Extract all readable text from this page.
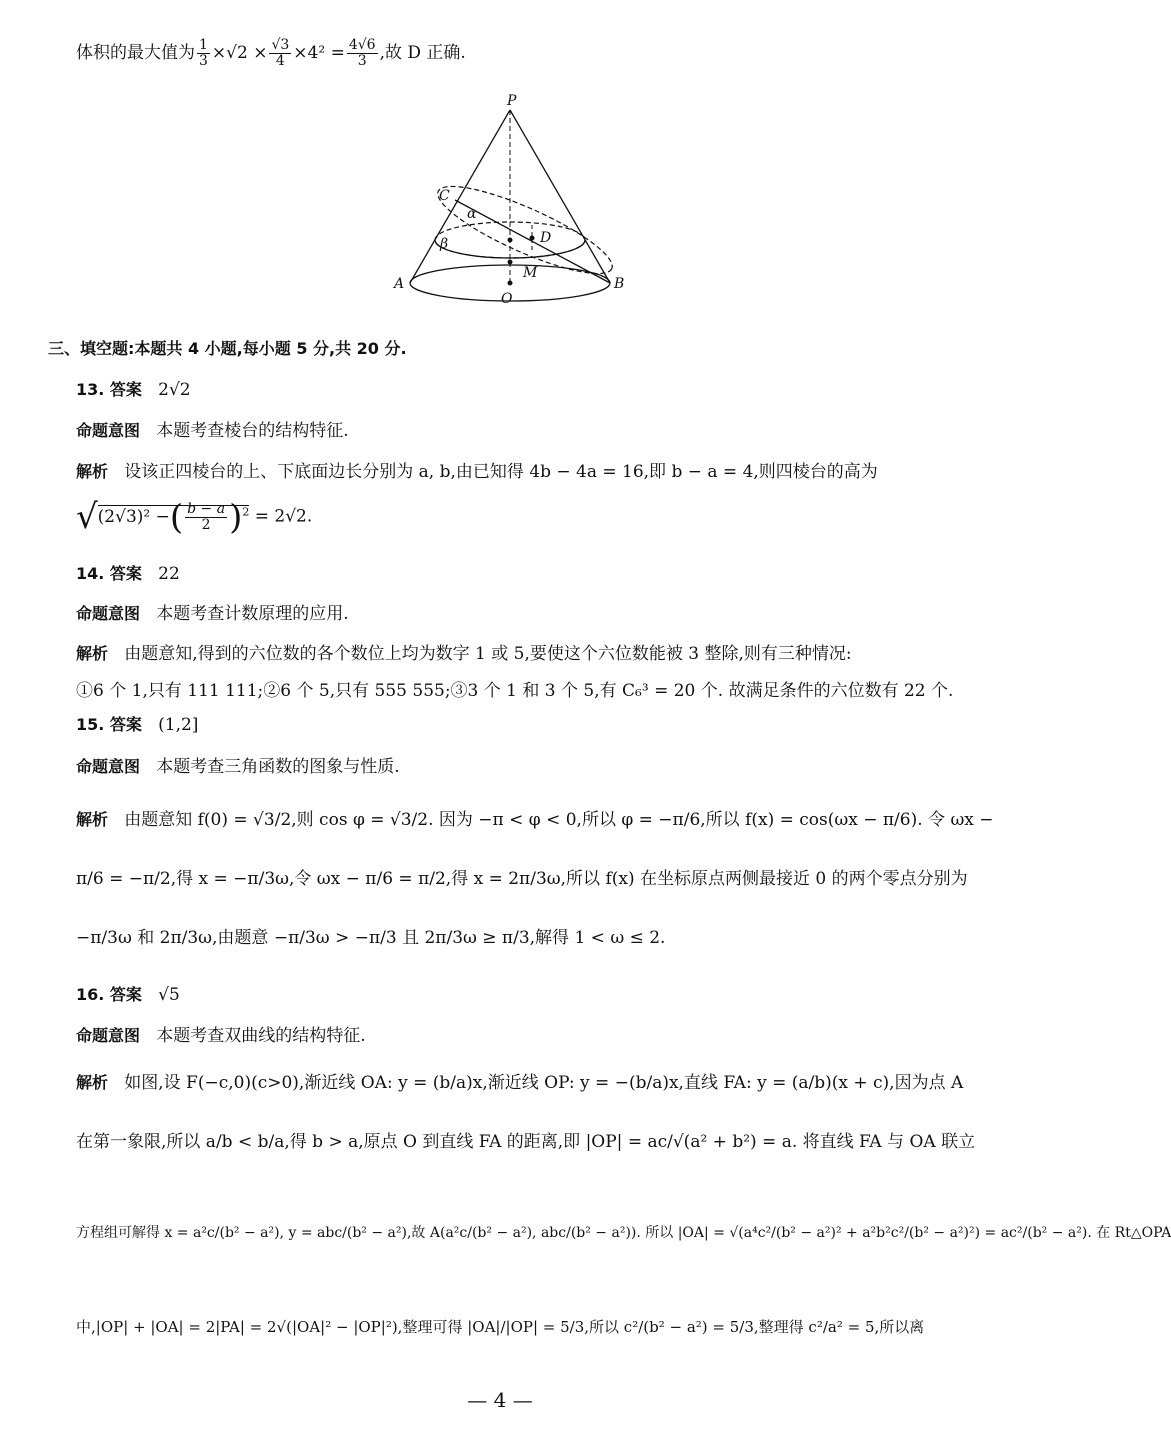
体积的最大值为 $\frac{1}{3} \times√2 \times \frac{√3}{4} \times 4^2 = \frac{4√6}{3}$ ,故 D 正确.
P
C
α
D
β
M
A
O
B
三、填空题:本题共 4 小题,每小题 5 分,共 20 分.
13. 答案 2√2
命题意图 本题考查棱台的结构特征.
解析 设该正四棱台的上、下底面边长分别为 a, b,由已知得 4b − 4a = 16,即 b − a = 4,则四棱台的高为
√(2√3)² −( $\frac{b - a}{2} )^2 = 2√2$.
14. 答案 22
命题意图 本题考查计数原理的应用.
解析 由题意知,得到的六位数的各个数位上均为数字 1 或 5,要使这个六位数能被 3 整除,则有三种情况:
①6 个 1,只有 111 111;②6 个 5,只有 555 555;③3 个 1 和 3 个 5,有 C₆³ = 20 个. 故满足条件的六位数有 22 个.
15. 答案 (1,2]
命题意图 本题考查三角函数的图象与性质.
解析 由题意知 f(0) = √3/2,则 cos φ = √3/2. 因为 −π < φ < 0,所以 φ = −π/6,所以 f(x) = cos(ωx − π/6). 令 ωx −
π/6 = −π/2,得 x = −π/3ω,令 ωx − π/6 = π/2,得 x = 2π/3ω,所以 f(x) 在坐标原点两侧最接近 0 的两个零点分别为
−π/3ω 和 2π/3ω,由题意 −π/3ω > −π/3 且 2π/3ω ≥ π/3,解得 1 < ω ≤ 2.
16. 答案 √5
命题意图 本题考查双曲线的结构特征.
解析 如图,设 F(−c,0)(c>0),渐近线 OA: y = (b/a)x,渐近线 OP: y = −(b/a)x,直线 FA: y = (a/b)(x + c),因为点 A
在第一象限,所以 a/b < b/a,得 b > a,原点 O 到直线 FA 的距离,即 |OP| = ac/√(a² + b²) = a. 将直线 FA 与 OA 联立
方程组可解得 x = a²c/(b² − a²), y = abc/(b² − a²),故 A(a²c/(b² − a²), abc/(b² − a²)). 所以 |OA| = √(a⁴c²/(b² − a²)² + a²b²c²/(b² − a²)²) = ac²/(b² − a²). 在 Rt△OPA
中,|OP| + |OA| = 2|PA| = 2√(|OA|² − |OP|²),整理可得 |OA|/|OP| = 5/3,所以 c²/(b² − a²) = 5/3,整理得 c²/a² = 5,所以离
— 4 —
